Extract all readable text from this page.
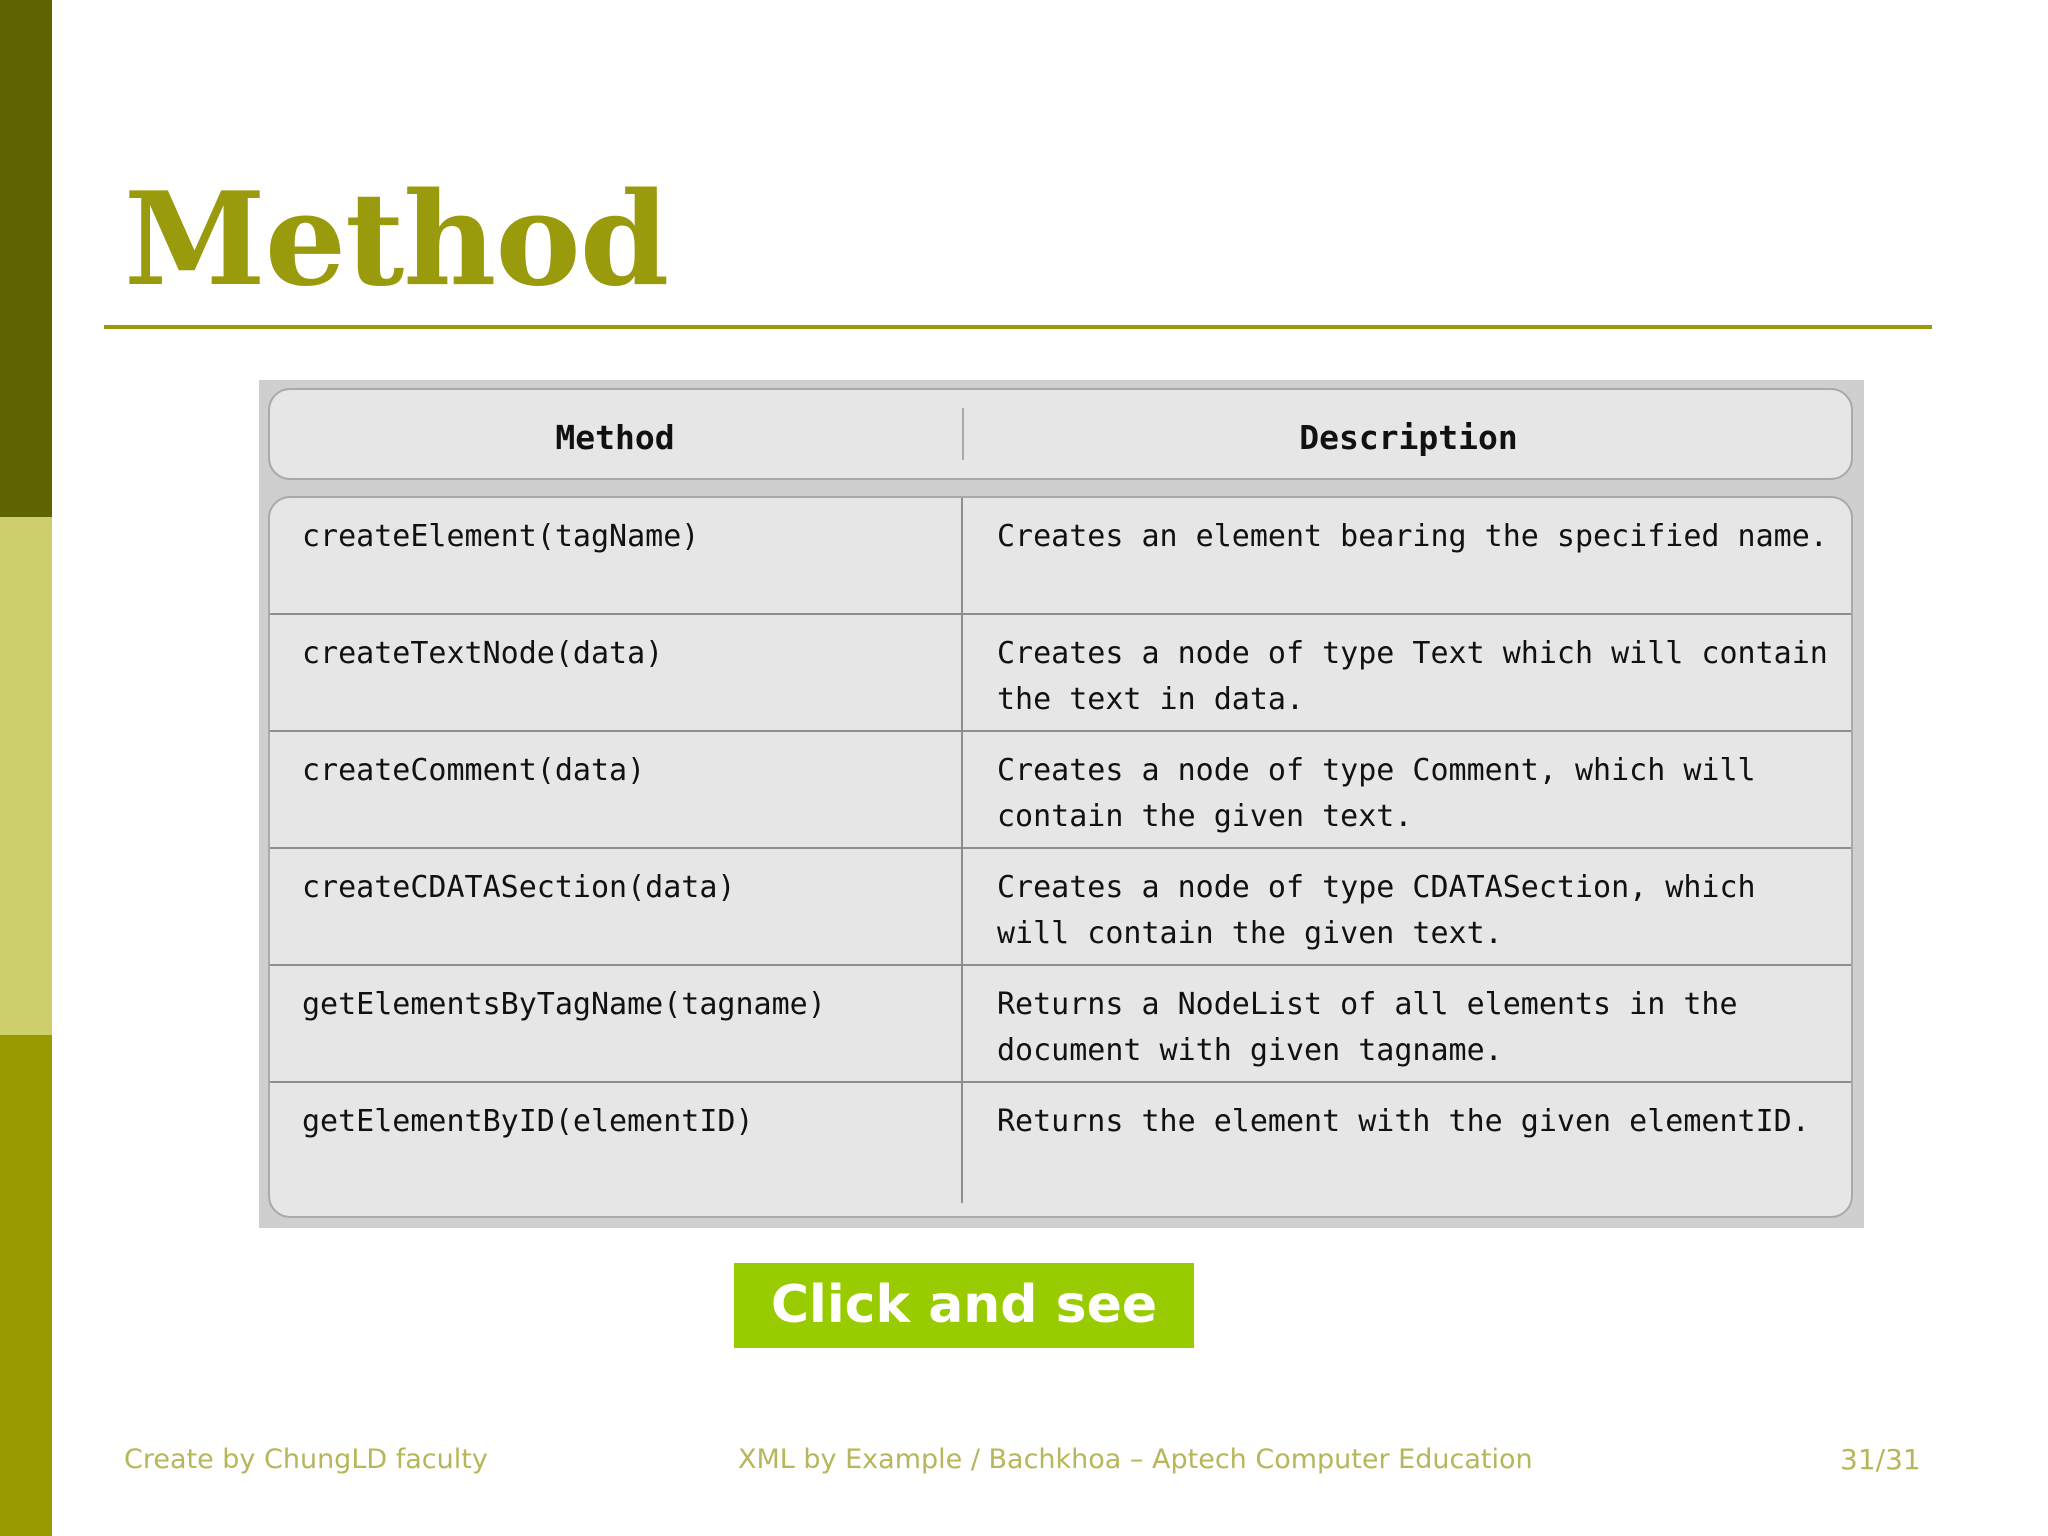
Method
Method	Description
createElement(tagName)	Creates an element bearing the specified name.
createTextNode(data)	Creates a node of type Text which will contain the text in data.
createComment(data)	Creates a node of type Comment, which will contain the given text.
createCDATASection(data)	Creates a node of type CDATASection, which will contain the given text.
getElementsByTagName(tagname)	Returns a NodeList of all elements in the document with given tagname.
getElementByID(elementID)	Returns the element with the given elementID.
Click and see
Create by ChungLD faculty	XML by Example / Bachkhoa – Aptech Computer Education	31/31
